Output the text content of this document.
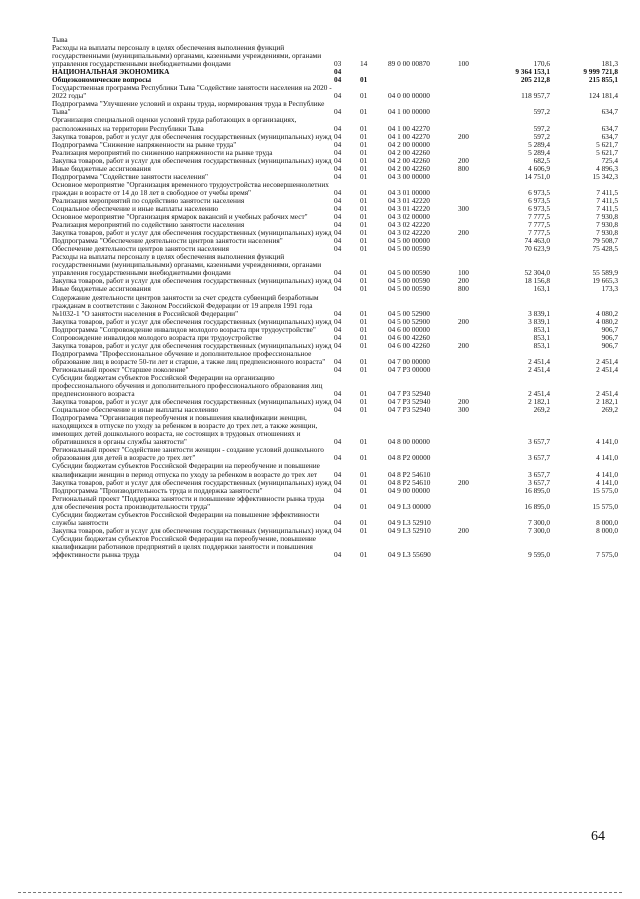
Тыва
Расходы на выплаты персоналу в целях обеспечения выполнения функций государственными (муниципальными) органами, казенными учреждениями, органами управления государственными внебюджетными фондами	03	14	89 0 00 00870	100	170,6	181,3
НАЦИОНАЛЬНАЯ ЭКОНОМИКА	04	9 364 153,1	9 999 721,8
Общеэкономические вопросы	04	01	205 212,8	215 855,1
Государственная программа Республики Тыва "Содействие занятости населения на 2020 - 2022 годы"	04	01	04 0 00 00000	118 957,7	124 181,4
Подпрограмма "Улучшение условий и охраны труда, нормирования труда в Республике Тыва"	04	01	04 1 00 00000	597,2	634,7
Организация специальной оценки условий труда работающих в организациях, расположенных на территории Республики Тыва	04	01	04 1 00 42270	597,2	634,7
Закупка товаров, работ и услуг для обеспечения государственных (муниципальных) нужд 04	01	04 1 00 42270	200	597,2	634,7
Подпрограмма "Снижение напряженности на рынке труда"	04	01	04 2 00 00000	5 289,4	5 621,7
Реализация мероприятий по снижению напряженности на рынке труда	04	01	04 2 00 42260	5 289,4	5 621,7
Закупка товаров, работ и услуг для обеспечения государственных (муниципальных) нужд 04	01	04 2 00 42260	200	682,5	725,4
Иные бюджетные ассигнования	04	01	04 2 00 42260	800	4 606,9	4 896,3
Подпрограмма "Содействие занятости населения"	04	01	04 3 00 00000	14 751,0	15 342,3
Основное мероприятие "Организация временного трудоустройства несовершеннолетних граждан в возрасте от 14 до 18 лет в свободное от учебы время"	04	01	04 3 01 00000	6 973,5	7 411,5
Реализация мероприятий по содействию занятости населения	04	01	04 3 01 42220	6 973,5	7 411,5
Социальное обеспечение и иные выплаты населению	04	01	04 3 01 42220	300	6 973,5	7 411,5
Основное мероприятие "Организация ярмарок вакансий и учебных рабочих мест"	04	01	04 3 02 00000	7 777,5	7 930,8
Реализация мероприятий по содействию занятости населения	04	01	04 3 02 42220	7 777,5	7 930,8
Закупка товаров, работ и услуг для обеспечения государственных (муниципальных) нужд 04	01	04 3 02 42220	200	7 777,5	7 930,8
Подпрограмма "Обеспечение деятельности центров занятости населения"	04	01	04 5 00 00000	74 463,0	79 508,7
Обеспечение деятельности центров занятости населения	04	01	04 5 00 00590	70 623,9	75 428,5
Расходы на выплаты персоналу в целях обеспечения выполнения функций государственными (муниципальными) органами, казенными учреждениями, органами управления государственными внебюджетными фондами	04	01	04 5 00 00590	100	52 304,0	55 589,9
Закупка товаров, работ и услуг для обеспечения государственных (муниципальных) нужд 04	01	04 5 00 00590	200	18 156,8	19 665,3
Иные бюджетные ассигнования	04	01	04 5 00 00590	800	163,1	173,3
Содержание деятельности центров занятости за счет средств субвенций безработным гражданам в соответствии с Законом Российской Федерации от 19 апреля 1991 года №1032-1 "О занятости населения в Российской Федерации"	04	01	04 5 00 52900	3 839,1	4 080,2
Закупка товаров, работ и услуг для обеспечения государственных (муниципальных) нужд 04	01	04 5 00 52900	200	3 839,1	4 080,2
Подпрограмма "Сопровождение инвалидов молодого возраста при трудоустройстве"	04	01	04 6 00 00000	853,1	906,7
Сопровождение инвалидов молодого возраста при трудоустройстве	04	01	04 6 00 42260	853,1	906,7
Закупка товаров, работ и услуг для обеспечения государственных (муниципальных) нужд 04	01	04 6 00 42260	200	853,1	906,7
Подпрограмма "Профессиональное обучение и дополнительное профессиональное образование лиц в возрасте 50-ти лет и старше, а также лиц предпенсионного возраста"	04	01	04 7 00 00000	2 451,4	2 451,4
Региональный проект "Старшее поколение"	04	01	04 7 P3 00000	2 451,4	2 451,4
Субсидии бюджетам субъектов Российской Федерации на организацию профессионального обучения и дополнительного профессионального образования лиц предпенсионного возраста	04	01	04 7 P3 52940	2 451,4	2 451,4
Закупка товаров, работ и услуг для обеспечения государственных (муниципальных) нужд 04	01	04 7 P3 52940	200	2 182,1	2 182,1
Социальное обеспечение и иные выплаты населению	04	01	04 7 P3 52940	300	269,2	269,2
Подпрограмма "Организация переобучения и повышения квалификации женщин, находящихся в отпуске по уходу за ребенком в возрасте до трех лет, а также женщин, имеющих детей дошкольного возраста, не состоящих в трудовых отношениях и обратившихся в органы службы занятости"	04	01	04 8 00 00000	3 657,7	4 141,0
Региональный проект "Содействие занятости женщин - создание условий дошкольного образования для детей в возрасте до трех лет"	04	01	04 8 P2 00000	3 657,7	4 141,0
Субсидии бюджетам субъектов Российской Федерации на переобучение и повышение квалификации женщин в период отпуска по уходу за ребенком в возрасте до трех лет	04	01	04 8 P2 54610	3 657,7	4 141,0
Закупка товаров, работ и услуг для обеспечения государственных (муниципальных) нужд 04	01	04 8 P2 54610	200	3 657,7	4 141,0
Подпрограмма "Производительность труда и поддержка занятости"	04	01	04 9 00 00000	16 895,0	15 575,0
Региональный проект "Поддержка занятости и повышение эффективности рынка труда для обеспечения роста производительности труда"	04	01	04 9 L3 00000	16 895,0	15 575,0
Субсидии бюджетам субъектов Российской Федерации на повышение эффективности службы занятости	04	01	04 9 L3 52910	7 300,0	8 000,0
Закупка товаров, работ и услуг для обеспечения государственных (муниципальных) нужд 04	01	04 9 L3 52910	200	7 300,0	8 000,0
Субсидии бюджетам субъектов Российской Федерации на переобучение, повышение квалификации работников предприятий в целях поддержки занятости и повышения эффективности рынка труда	04	01	04 9 L3 55690	9 595,0	7 575,0
64
